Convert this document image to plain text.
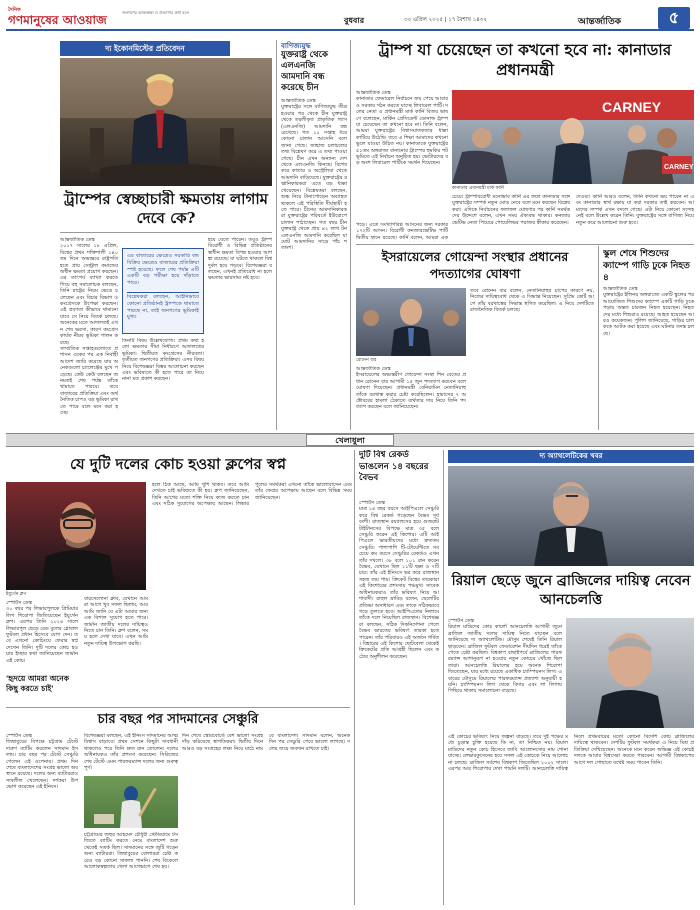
দৈনিক
গণমানুষের আওয়াজ
জনগণের আকাঙ্ক্ষা ও প্রত্যাশার কথা বলে
বুধবার	৩০ এপ্রিল ২০২৫ | ১৭ বৈশাখ ১৪৩২	আন্তর্জাতিক	৫
দ্য ইকোনমিস্টের প্রতিবেদন
ট্রাম্পের স্বেচ্ছাচারী ক্ষমতায় লাগাম দেবে কে?
আন্তর্জাতিক ডেস্ক
২০১৭ সালের ১৮ এপ্রিল, বিশ্বের প্রথম শক্তিশালী ১৪০তম দিনে অভ্যন্তরে রাষ্ট্রপতি হতে প্রায় সেন্ট্রাল কমান্ডের অধীন ক্ষমতা প্রয়োগ করছেন। এর তাৎপর্য ব্যাখ্যা করতে গিয়ে বহু সমালোচক বলছেন, তিনি রাষ্ট্রের নিয়ম ভেঙে চলেছেন এবং বিচার বিভাগ ও কংগ্রেসকে উপেক্ষা করছেন। এই প্রবণতা কীভাবে থামানো যাবে সে নিয়ে বিতর্ক চলছে। অনেকের মতে আদালতই এখন শেষ ভরসা, কারণ কংগ্রেস কার্যত নীরব ভূমিকা পালন করছে।
সাম্প্রতিক সপ্তাহগুলোতে প্রশাসন একের পর এক নির্বাহী আদেশ জারি করেছে যার অনেকগুলো চ্যালেঞ্জের মুখে পড়েছে। কেউ কেউ বলছেন জনমতই শেষ পর্যন্ত তাঁকে থামাতে পারবে। তবে বাজারের প্রতিক্রিয়া এবং অর্থনৈতিক চাপও বড় ভূমিকা রাখতে পারে বলে মনে করা হচ্ছে।
এর বাজারের ক্ষেত্রেও সরকারি বন্ড বিক্রির ক্ষেত্রেও বাজারের প্রতিক্রিয়া স্পষ্ট হয়েছে। ফলে শেষ পর্যন্ত এটি একটি বড় পরীক্ষা হয়ে দাঁড়াতে পারে।
বিশ্লেষকরা বলছেন, আইনিভাবে কোনো প্রতিষ্ঠানই ট্রাম্পকে থামাতে পারছে না, তাই জনগণের ভূমিকাই মুখ্য।
হয়ে যেতে পারেন। তবুও ট্রাম্পবিরোধী ও বিভিন্ন প্রতিষ্ঠানের স্বাধীন ক্ষমতা বিপন্ন হওয়ার আশঙ্কা রয়েছে। যা ঘটতে থাকলে বিশ্ব দুর্বল হয়ে পড়বে। বিশেষজ্ঞরা বলছেন, এখনই প্রতিরোধ না হলে ক্ষমতার ভারসাম্য নষ্ট হবে।
তিনটি বিষয় উল্লেখযোগ্য। প্রথম কথা হলো ক্ষমতার সীমা নির্ধারণে আদালতের ভূমিকা। দ্বিতীয়ত কংগ্রেসের নীরবতা। তৃতীয়ত জনগণের প্রতিক্রিয়া। এসব বিষয় নিয়ে বিশেষজ্ঞরা বিস্তর আলোচনা করছেন এবং ভবিষ্যতে কী হতে পারে তা নিয়ে নানা মত প্রকাশ করছেন।
বাণিজ্যযুদ্ধ
যুক্তরাষ্ট্র থেকে এলএনজি আমদানি বন্ধ করেছে চীন
আন্তর্জাতিক ডেস্ক
যুক্তরাষ্ট্রের সঙ্গে বাণিজ্যযুদ্ধ তীব্র হওয়ার পর থেকে চীন যুক্তরাষ্ট্র থেকে তরলীকৃত প্রাকৃতিক গ্যাস (এলএনজি) আমদানি বন্ধ রেখেছে। গত ১০ সপ্তাহ ধরে কোনো চালান আসেনি বলে জানা গেছে। জাহাজ চলাচলের তথ্য বিশ্লেষণ করে এ তথ্য পাওয়া গেছে। চীন এখন অন্যান্য দেশ থেকে এলএনজি কিনছে। বিশেষ করে কাতার ও অস্ট্রেলিয়া থেকে আমদানি বাড়িয়েছে। যুক্তরাষ্ট্রের রপ্তানিকারকরা এতে বড় ধাক্কা খেয়েছেন। বিশ্লেষকরা বলছেন, শুল্ক নিয়ে টানাপোড়েন অব্যাহত থাকলে এই পরিস্থিতি দীর্ঘস্থায়ী হতে পারে। চীনের আমদানিকারকরা যুক্তরাষ্ট্রের পরিবর্তে ইউরোপে চালান পাঠাচ্ছেন। গত বছর চীন যুক্তরাষ্ট্র থেকে প্রায় ৪২ লাখ টন এলএনজি আমদানি করেছিল যা মোট আমদানির সাড়ে পাঁচ শতাংশ।
ট্রাম্প যা চেয়েছেন তা কখনো হবে না: কানাডার প্রধানমন্ত্রী
আন্তর্জাতিক ডেস্ক
কানাডার ফেডারেল নির্বাচনে জয় পেয়ে আবারও সরকার গঠন করতে যাচ্ছে লিবারেল পার্টি। দলের নেতা ও প্রধানমন্ত্রী মার্ক কার্নি বিজয় ভাষণে বলেছেন, মার্কিন প্রেসিডেন্ট ডোনাল্ড ট্রাম্প যা চেয়েছেন তা কখনো হবে না। তিনি বলেন, আমরা যুক্তরাষ্ট্রের বিশ্বাসঘাতকতার ধাক্কা কাটিয়ে উঠেছি। তবে এ শিক্ষা আমাদের কখনো ভুলে যাওয়া উচিত নয়। কানাডাকে যুক্তরাষ্ট্রের ৫১তম অঙ্গরাজ্য বানানোর ট্রাম্পের হুমকির পটভূমিতে এই নির্বাচন অনুষ্ঠিত হয়। ভোটারদের বড় অংশ লিবারেল পার্টিকে সমর্থন দিয়েছেন।
CARNEY
CARNEY
কানাডার প্রধানমন্ত্রী মার্ক কার্নি
চেয়ে। ট্রাম্পবিরোধী মনোভাব কার্নি এর ফলে কানাডার সঙ্গে যুক্তরাষ্ট্রের সম্পর্ক নতুন মোড় নেবে বলে মনে করছেন বিশ্লেষকরা। এদিকে নির্বাচনের ফলাফল ঘোষণার পর কার্নি সমর্থকদের উদ্দেশে বলেন, এখন সময় ঐক্যবদ্ধ থাকার। কনজারভেটিভ নেতা পিয়েরে পোয়েলিভর পরাজয় স্বীকার করেছেন।
দেওয়া। কার্নি আরও বলেন, তিনি কখনো ভয় পাবেন না এবং কানাডার স্বার্থ রক্ষায় যা করা দরকার তাই করবেন। আমাদের সম্পর্ক এখন বদলে গেছে। এটা নিয়ে কোনো সন্দেহ নেই বলে উল্লেখ করেন তিনি। যুক্তরাষ্ট্রের সঙ্গে বাণিজ্য নিয়ে নতুন করে আলোচনা শুরু হবে।
পড়ে। এতে সংখ্যাগরিষ্ঠ আসনের জন্য দরকার ১৭২টি আসন। বিরোধী কনজারভেটিভ পার্টি দ্বিতীয় স্থানে রয়েছে। কার্নি বলেন, আমরা এক
ইসরায়েলের গোয়েন্দা সংস্থার প্রধানের পদত্যাগের ঘোষণা
রোনেন বার
আন্তর্জাতিক ডেস্ক
ইসরায়েলের অভ্যন্তরীণ গোয়েন্দা সংস্থা শিন বেতের প্রধান রোনেন বার আগামী ১৫ জুন পদত্যাগ করবেন বলে ঘোষণা দিয়েছেন। প্রধানমন্ত্রী বেনিয়ামিন নেতানিয়াহু তাঁকে বরখাস্ত করার চেষ্টা করেছিলেন। হামাসের ৭ অক্টোবরের হামলা ঠেকাতে ব্যর্থতার দায় নিয়ে তিনি পদত্যাগ করছেন বলে জানিয়েছেন।
তবে রোনেন বার বলেন, নেতানিয়াহুর চাপের কারণে নয়, নিজের দায়িত্ববোধ থেকে এ সিদ্ধান্ত নিয়েছেন। সুপ্রিম কোর্ট আগে তাঁর বরখাস্তের সিদ্ধান্ত স্থগিত করেছিল। এ নিয়ে দেশটিতে রাজনৈতিক বিতর্ক চলছে।
স্কুল শেষে শিশুদের ক্যাম্পে গাড়ি ঢুকে নিহত ৪
আন্তর্জাতিক ডেস্ক
যুক্তরাষ্ট্রের ইলিনয় অঙ্গরাজ্যে একটি স্কুলের পর আয়োজিত শিশুদের ক্যাম্পে একটি গাড়ি ঢুকে পড়ায় অন্তত চারজন নিহত হয়েছেন। নিহতদের মধ্যে শিশুরাও রয়েছে। আহত হয়েছেন আরও কয়েকজন। পুলিশ জানিয়েছে, গাড়ির চালককে আটক করা হয়েছে এবং ঘটনার তদন্ত চলছে।
খেলাধুলা
যে দুটি দলের কোচ হওয়া ক্লপের স্বপ্ন
ইয়ুর্গেন ক্লপ
স্পোর্টস ডেস্ক
৩০ বছর পর লিভারপুলকে প্রিমিয়ার লিগ শিরোপা জিতিয়েছেন ইয়ুর্গেন ক্লপ। এরপর তিনি ২০২৪ সালে লিভারপুল ছেড়ে রেড বুলের গ্লোবাল ফুটবল প্রধান হিসেবে যোগ দেন। তবে এখনো কোচিংয়ে ফেরার স্বপ্ন দেখেন তিনি। দুটি দলের কোচ হওয়ার ইচ্ছার কথা জানিয়েছেন জার্মান এই কোচ।
'হৃদয়ে আমরা অনেক কিছু করতে চাই'
বারসেলোনা ক্লাব, যেখানে আমরা আগে খুব সফল ছিলাম, আর আমি জানি যে এটা আমার জন্য এক বিশাল সুযোগ হতে পারে। জার্মান জাতীয় দলের দায়িত্বও নিতে চান তিনি। ক্লপ বলেন, সময় হলে দেখা যাবে। এখন আমি নতুন দায়িত্ব উপভোগ করছি।
হলে ঠিক আছে, আমি খুশি থাকব। তবে আমি দেখতে চাই ভবিষ্যতে কী হয়। ক্লপ জানিয়েছেন, তিনি আগের মতো শক্তি নিয়ে কাজ করতে চান এবং সঠিক সুযোগের অপেক্ষায় আছেন। লিভারপুলের সমর্থকরা এখনো তাঁকে ভালোবাসেন এবং তাঁর ফেরার অপেক্ষায় আছেন বলে বিভিন্ন সময় জানিয়েছেন।
চার বছর পর সাদমানের সেঞ্চুরি
স্পোর্টস ডেস্ক
জিম্বাবুয়ের বিপক্ষে চট্টগ্রাম টেস্টে দারুণ ব্যাটিং করলেন সাদমান ইসলাম। চার বছর পর টেস্টে সেঞ্চুরি পেলেন এই ওপেনার। প্রথম দিন শেষে বাংলাদেশের সংগ্রহ ভালো অবস্থানে রয়েছে। দলের অন্য ব্যাটাররাও সাবলীল খেলেছেন। দর্শকরা উপভোগ করেছেন এই ইনিংস।
বিশেষজ্ঞরা বলছেন, এই ইনিংস সাদমানের আত্মবিশ্বাস বাড়াবে। প্রথম সেশনে কিছুটা সাবধানী থাকলেও পরে তিনি দ্রুত রান তোলেন। দলের অধিনায়কও তাঁর প্রশংসা করেছেন। সিরিজের শেষ টেস্টে এমন পারফরম্যান্স দলের জন্য গুরুত্বপূর্ণ।
চট্টগ্রামের জহুর আহমেদ চৌধুরী স্টেডিয়ামে টস জিতে ব্যাটিং করতে নেমে বাংলাদেশ শুরু থেকেই সতর্ক ছিল। সাদমানের সঙ্গে জুটি গড়েন অন্য ব্যাটাররা। জিম্বাবুয়ের বোলাররা চেষ্টা করেও বড় কোনো সাফল্য পাননি। শেষ বিকেলে আলোকস্বল্পতায় খেলা আগেভাগে শেষ হয়।
দিন শেষে স্কোরবোর্ডে বেশ ভালো সংগ্রহ দাঁড় করিয়েছে স্বাগতিকরা। দ্বিতীয় দিনে আরও বড় সংগ্রহের লক্ষ্য নিয়ে মাঠে নামবে বাংলাদেশ। সাদমান বলেন, অনেক দিন পর সেঞ্চুরি পেয়ে ভালো লাগছে। দলের জয়ে অবদান রাখতে চাই।
দুটি বিশ্ব রেকর্ড ভাঙলেন ১৪ বছরের বৈভব
স্পোর্টস ডেস্ক
মাত্র ১৪ বছর বয়সে আইপিএলে সেঞ্চুরি করে বিশ্ব রেকর্ড গড়েছেন বৈভব সূর্যবংশী। রাজস্থান রয়্যালসের হয়ে গুজরাট টাইটানসের বিপক্ষে মাত্র ৩৫ বলে সেঞ্চুরি করেন এই কিশোর। এটি আইপিএলে ভারতীয়দের মধ্যে দ্রুততম সেঞ্চুরি। পাশাপাশি টি-টোয়েন্টিতে সবচেয়ে কম বয়সে সেঞ্চুরির রেকর্ডও এখন তাঁর দখলে। ৩৮ বলে ১০১ রান করেন বৈভব, যেখানে ছিল ১১টি ছক্কা ও ৭টি চার। তাঁর এই ইনিংসে ভর করে রাজস্থান সহজ জয় পায়। ক্রিকেট বিশ্বের তারকারা এই কিশোরের প্রশংসায় পঞ্চমুখ। সাবেক অধিনায়করাও তাঁর ভবিষ্যৎ নিয়ে আশাবাদী। রাহুল দ্রাবিড় বলেন, ছেলেটির প্রতিভা অসাধারণ এবং তাকে সঠিকভাবে গড়ে তুলতে হবে। আইপিএলের নিলামে তাঁকে দলে নিয়েছিল রাজস্থান। বিশেষজ্ঞরা বলছেন, সঠিক দিকনির্দেশনা পেলে বৈভব ভারতের ভবিষ্যৎ তারকা হতে পারেন। তাঁর পরিবারও এই অর্জনে গর্বিত। বিহারের এই কিশোর ছোটবেলা থেকেই ক্রিকেটের প্রতি আগ্রহী ছিলেন এবং কঠোর অনুশীলন করেছেন।
দ্য অ্যাথলেটিকের খবর
রিয়াল ছেড়ে জুনে ব্রাজিলের দায়িত্ব নেবেন আনচেলত্তি
স্পোর্টস ডেস্ক
রিয়াল মাদ্রিদের কোচ কার্লো আনচেলত্তি আগামী জুনে ব্রাজিল জাতীয় দলের দায়িত্ব নিতে যাচ্ছেন বলে জানিয়েছে দ্য অ্যাথলেটিক। মৌসুম শেষেই তিনি রিয়াল ছাড়বেন। ব্রাজিল ফুটবল ফেডারেশন দীর্ঘদিন ধরেই তাঁকে পেতে চেষ্টা করছিল। বিশ্বকাপ বাছাইপর্বে ব্রাজিলের পারফরম্যান্স আশানুরূপ না হওয়ায় নতুন কোচের খোঁজে ছিল তারা। আনচেলত্তি রিয়ালের হয়ে অনেক শিরোপা জিতেছেন, যার মধ্যে রয়েছে একাধিক চ্যাম্পিয়নস লিগ। এবারের মৌসুমে রিয়ালের পারফরম্যান্স প্রত্যাশা অনুযায়ী হয়নি। চ্যাম্পিয়নস লিগ থেকে বিদায় এবং লা লিগায় পিছিয়ে থাকায় সমালোচনা বাড়ছে।
এই কোচের ভবিষ্যৎ নিয়ে জল্পনা বাড়ছে। তবে দুই পক্ষের মধ্যে চূড়ান্ত চুক্তি হয়েছে কি না, তা নিশ্চিত নয়। রিয়াল মাদ্রিদের নতুন কোচ হিসেবে জাবি আলোনসোর নাম শোনা যাচ্ছে। লেভারকুসেনের হয়ে সফল এই কোচকে নিয়ে আলোচনা চলছে। ব্রাজিল সর্বশেষ বিশ্বকাপ জিতেছিল ২০০২ সালে। এরপর আর শিরোপার দেখা পায়নি দলটি। আনচেলত্তি দায়িত্ব নিলে প্রথমবারের মতো কোনো বিদেশি কোচ ব্রাজিলের দায়িত্বে থাকবেন। দেশটির ফুটবল সমর্থকরা এ নিয়ে মিশ্র প্রতিক্রিয়া দেখিয়েছেন। অনেকে মনে করেন অভিজ্ঞ এই কোচই দলকে আবার বিশ্বসেরা করতে পারবেন। আগামী বিশ্বকাপের আগে দল গোছাতে যথেষ্ট সময় পাবেন তিনি।
